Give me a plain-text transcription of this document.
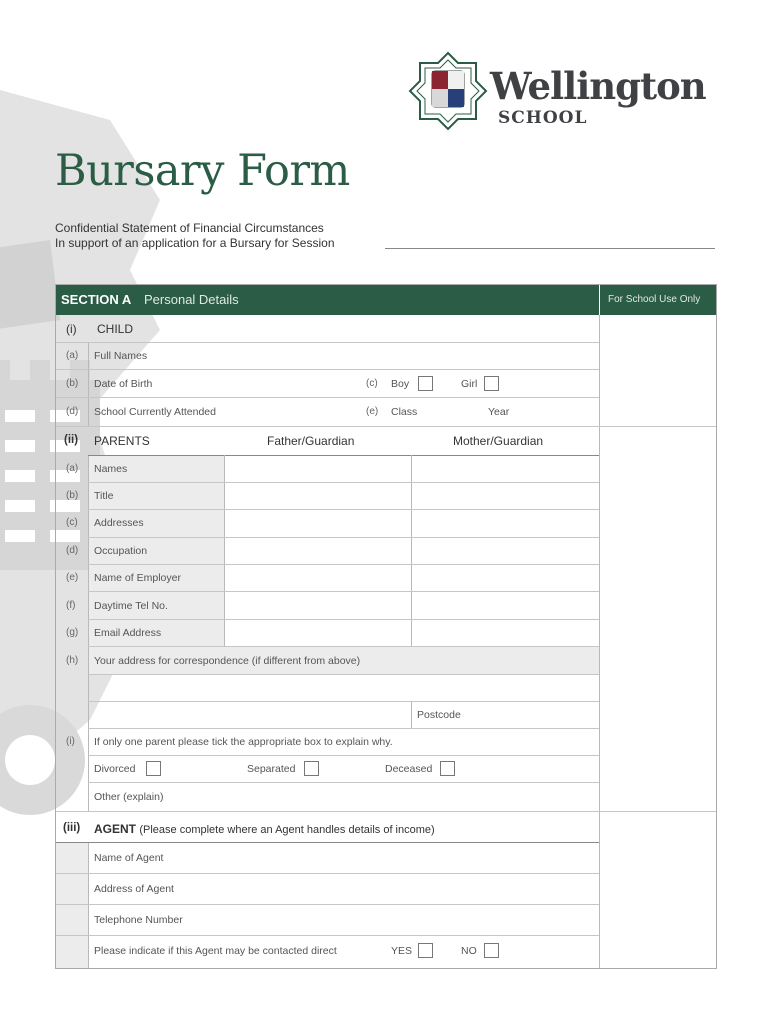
Wellington
SCHOOL
Bursary Form
Confidential Statement of Financial Circumstances
In support of an application for a Bursary for Session
SECTION A Personal Details	For School Use Only
(i) CHILD
(a) Full Names
(b) Date of Birth	(c) Boy	Girl
(d) School Currently Attended	(e) Class	Year
(ii) PARENTS	Father/Guardian	Mother/Guardian
(a) Names
(b) Title
(c) Addresses
(d) Occupation
(e) Name of Employer
(f) Daytime Tel No.
(g) Email Address
(h) Your address for correspondence (if different from above)
Postcode
(i) If only one parent please tick the appropriate box to explain why.
Divorced	Separated	Deceased
Other (explain)
(iii) AGENT (Please complete where an Agent handles details of income)
Name of Agent
Address of Agent
Telephone Number
Please indicate if this Agent may be contacted direct	YES	NO
